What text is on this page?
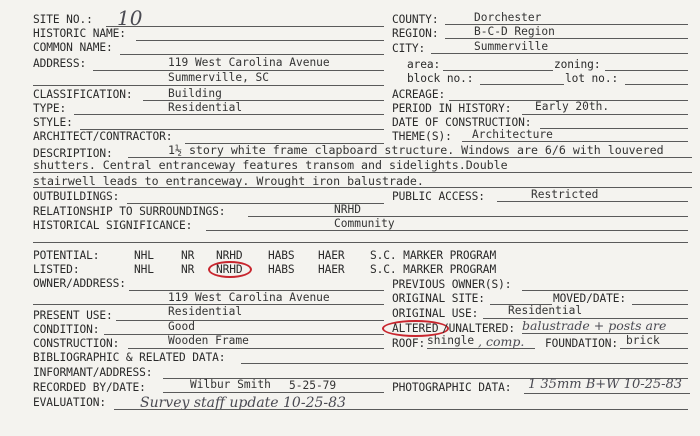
SITE NO.: 10
HISTORIC NAME:
COMMON NAME:
ADDRESS:	119 West Carolina Avenue
Summerville, SC
CLASSIFICATION:	Building
TYPE:	Residential
STYLE:
ARCHITECT/CONTRACTOR:
COUNTY:	Dorchester
REGION:	B-C-D Region
CITY:	Summerville
area:	zoning:
block no.:	lot no.:
ACREAGE:
PERIOD IN HISTORY: Early 20th.
DATE OF CONSTRUCTION:
THEME(S): Architecture
DESCRIPTION:	1½ story white frame clapboard structure. Windows are 6/6 with louvered
shutters. Central entranceway features transom and sidelights.Double
stairwell leads to entranceway. Wrought iron balustrade.
OUTBUILDINGS:	PUBLIC ACCESS:	Restricted
RELATIONSHIP TO SURROUNDINGS:	NRHD
HISTORICAL SIGNIFICANCE:	Community
POTENTIAL:	NHL NR NRHD HABS HAER S.C. MARKER PROGRAM
LISTED:	NHL NR NRHD HABS HAER S.C. MARKER PROGRAM
OWNER/ADDRESS:
119 West Carolina Avenue
PRESENT USE:	Residential
CONDITION:	Good
CONSTRUCTION:	Wooden Frame
PREVIOUS OWNER(S):
ORIGINAL SITE:	MOVED/DATE:
ORIGINAL USE:	Residential
ALTERED /UNALTERED: balustrade + posts are
ROOF: shingle , comp. FOUNDATION: brick
BIBLIOGRAPHIC & RELATED DATA:
INFORMANT/ADDRESS:
RECORDED BY/DATE:	Wilbur Smith 5-25-79	PHOTOGRAPHIC DATA: 1 35mm B+W 10-25-83
EVALUATION: Survey staff update 10-25-83
